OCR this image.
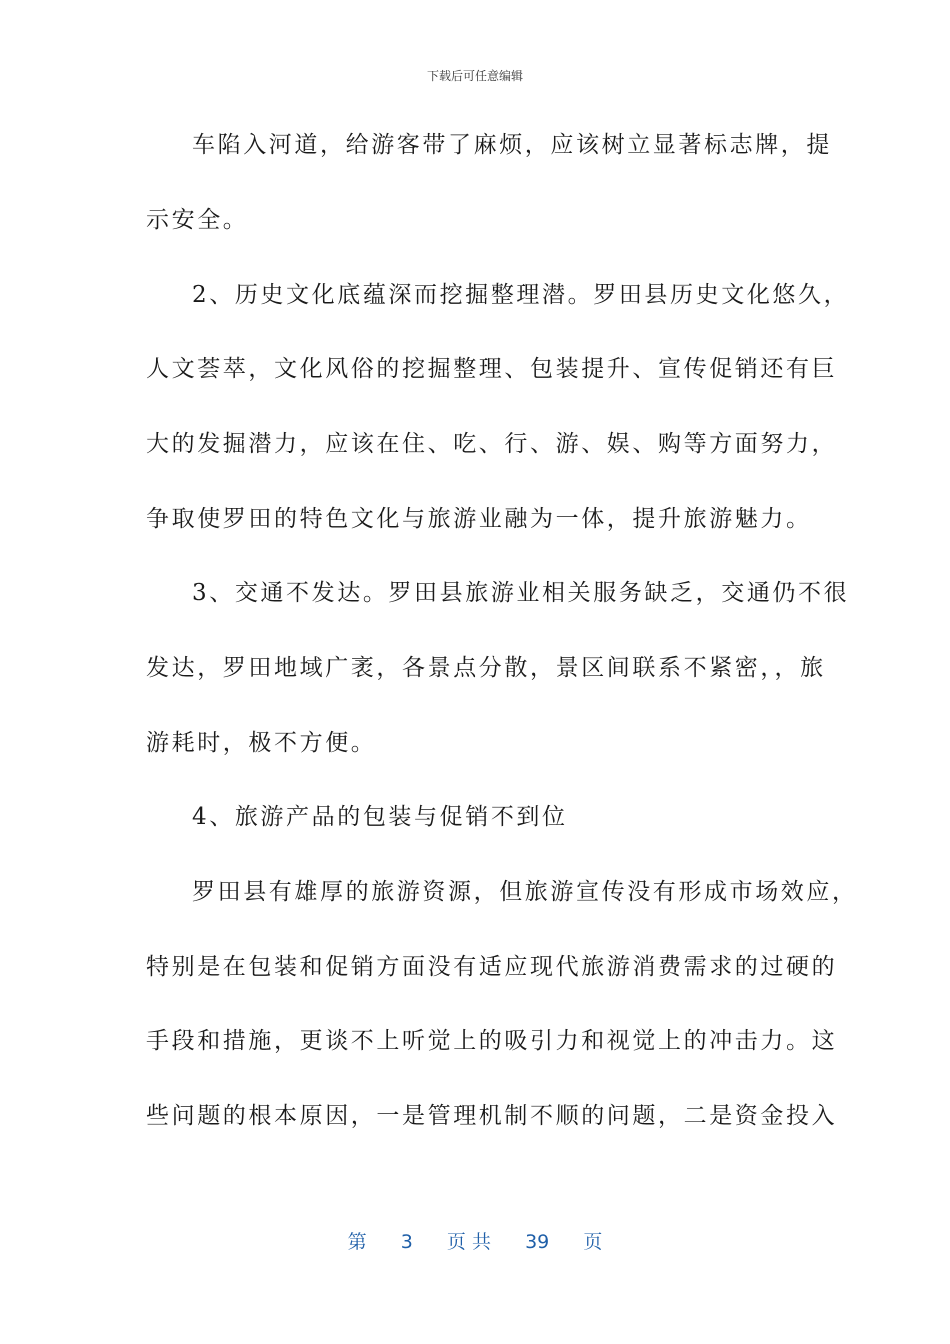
下载后可任意编辑
车陷入河道，给游客带了麻烦，应该树立显著标志牌，提
示安全。
2、历史文化底蕴深而挖掘整理潜。罗田县历史文化悠久，
人文荟萃，文化风俗的挖掘整理、包装提升、宣传促销还有巨
大的发掘潜力，应该在住、吃、行、游、娱、购等方面努力，
争取使罗田的特色文化与旅游业融为一体，提升旅游魅力。
3、交通不发达。罗田县旅游业相关服务缺乏，交通仍不很
发达，罗田地域广袤，各景点分散，景区间联系不紧密，，旅
游耗时，极不方便。
4、旅游产品的包装与促销不到位
罗田县有雄厚的旅游资源，但旅游宣传没有形成市场效应，
特别是在包装和促销方面没有适应现代旅游消费需求的过硬的
手段和措施，更谈不上听觉上的吸引力和视觉上的冲击力。这
些问题的根本原因，一是管理机制不顺的问题，二是资金投入
第 3 页 共 39 页
